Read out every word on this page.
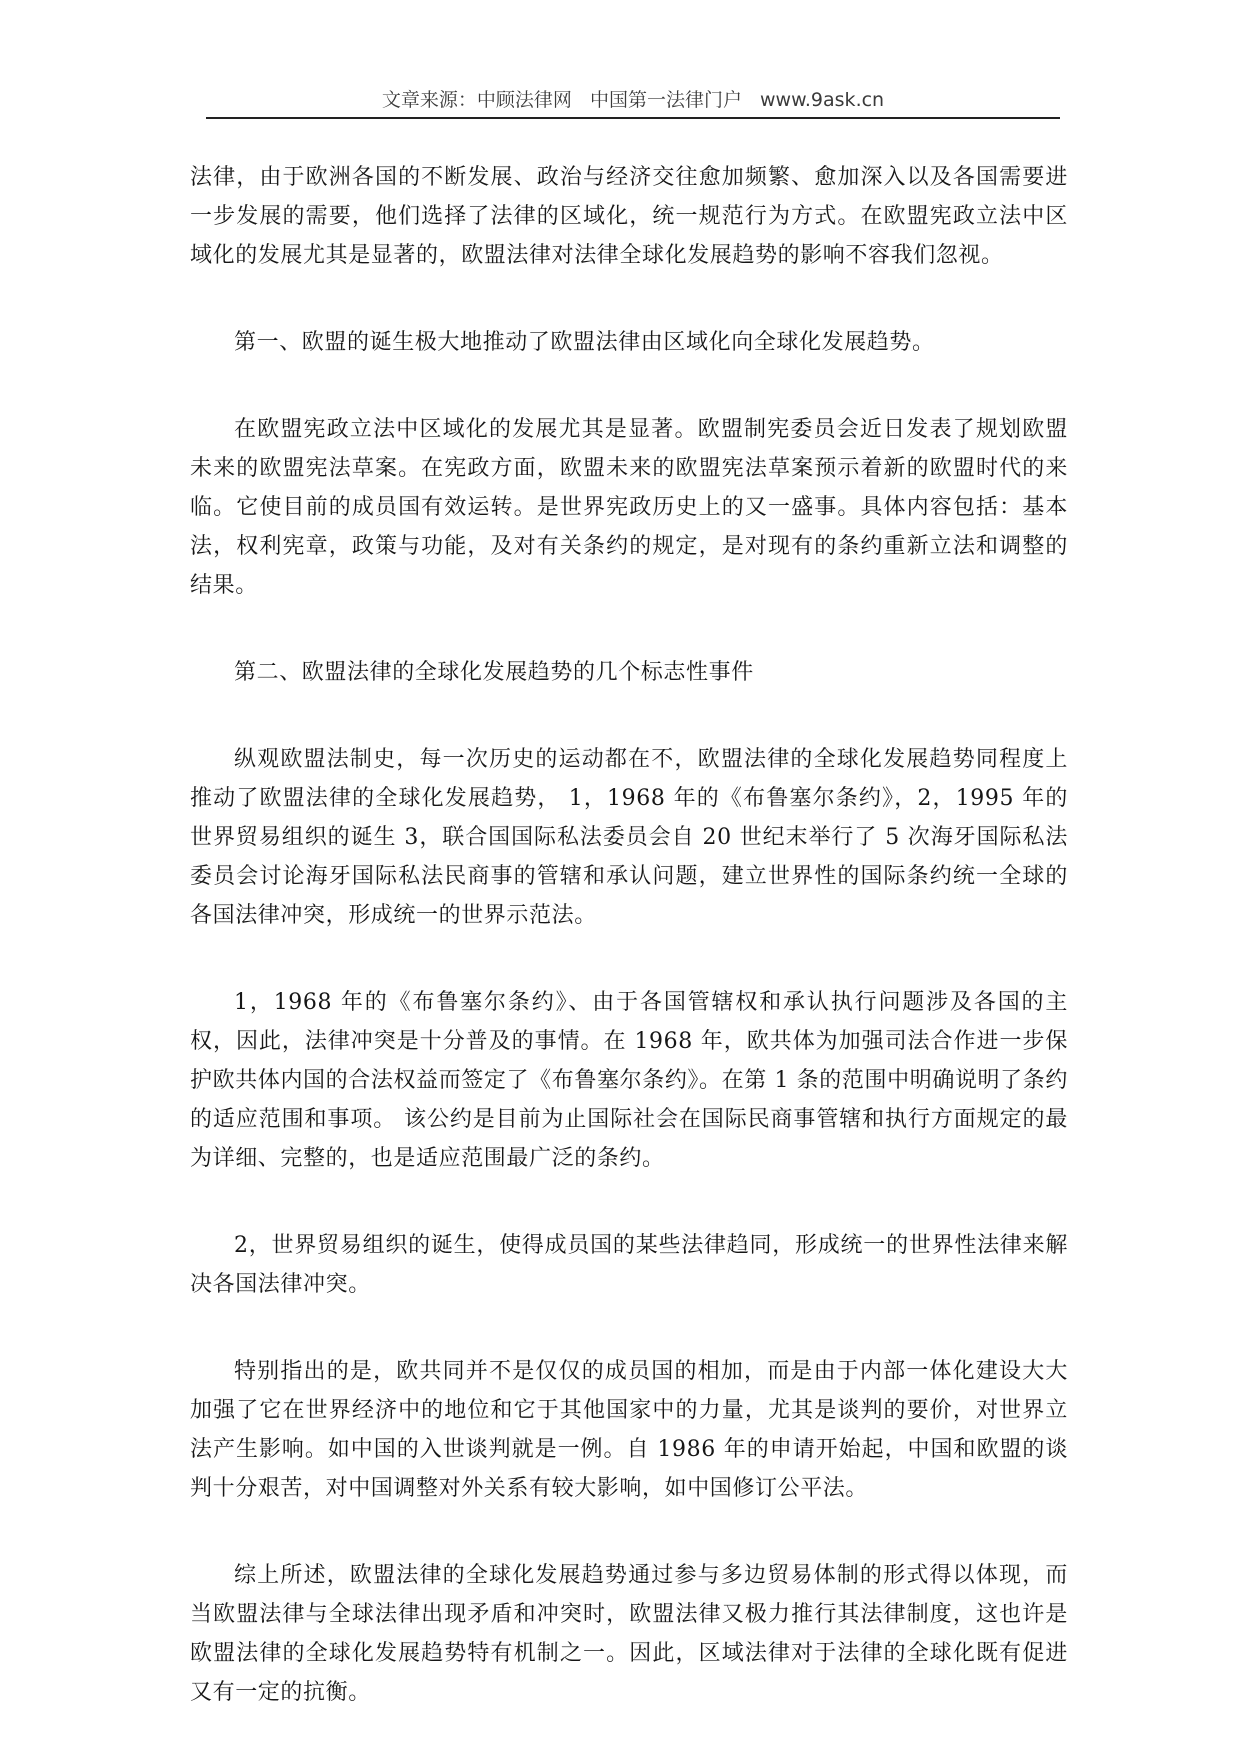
文章来源：中顾法律网 中国第一法律门户 www.9ask.cn

法律，由于欧洲各国的不断发展、政治与经济交往愈加频繁、愈加深入以及各国需要进一步发展的需要，他们选择了法律的区域化，统一规范行为方式。在欧盟宪政立法中区域化的发展尤其是显著的，欧盟法律对法律全球化发展趋势的影响不容我们忽视。

第一、欧盟的诞生极大地推动了欧盟法律由区域化向全球化发展趋势。

在欧盟宪政立法中区域化的发展尤其是显著。欧盟制宪委员会近日发表了规划欧盟未来的欧盟宪法草案。在宪政方面，欧盟未来的欧盟宪法草案预示着新的欧盟时代的来临。它使目前的成员国有效运转。是世界宪政历史上的又一盛事。具体内容包括：基本法，权利宪章，政策与功能，及对有关条约的规定，是对现有的条约重新立法和调整的结果。

第二、欧盟法律的全球化发展趋势的几个标志性事件

纵观欧盟法制史，每一次历史的运动都在不，欧盟法律的全球化发展趋势同程度上推动了欧盟法律的全球化发展趋势， 1，1968 年的《布鲁塞尔条约》，2，1995 年的世界贸易组织的诞生 3，联合国国际私法委员会自 20 世纪末举行了 5 次海牙国际私法委员会讨论海牙国际私法民商事的管辖和承认问题，建立世界性的国际条约统一全球的各国法律冲突，形成统一的世界示范法。

1，1968 年的《布鲁塞尔条约》、由于各国管辖权和承认执行问题涉及各国的主权，因此，法律冲突是十分普及的事情。在 1968 年，欧共体为加强司法合作进一步保护欧共体内国的合法权益而签定了《布鲁塞尔条约》。在第 1 条的范围中明确说明了条约的适应范围和事项。 该公约是目前为止国际社会在国际民商事管辖和执行方面规定的最为详细、完整的，也是适应范围最广泛的条约。

2，世界贸易组织的诞生，使得成员国的某些法律趋同，形成统一的世界性法律来解决各国法律冲突。

特别指出的是，欧共同并不是仅仅的成员国的相加，而是由于内部一体化建设大大加强了它在世界经济中的地位和它于其他国家中的力量，尤其是谈判的要价，对世界立法产生影响。如中国的入世谈判就是一例。自 1986 年的申请开始起，中国和欧盟的谈判十分艰苦，对中国调整对外关系有较大影响，如中国修订公平法。

综上所述，欧盟法律的全球化发展趋势通过参与多边贸易体制的形式得以体现，而当欧盟法律与全球法律出现矛盾和冲突时，欧盟法律又极力推行其法律制度，这也许是欧盟法律的全球化发展趋势特有机制之一。因此，区域法律对于法律的全球化既有促进又有一定的抗衡。
